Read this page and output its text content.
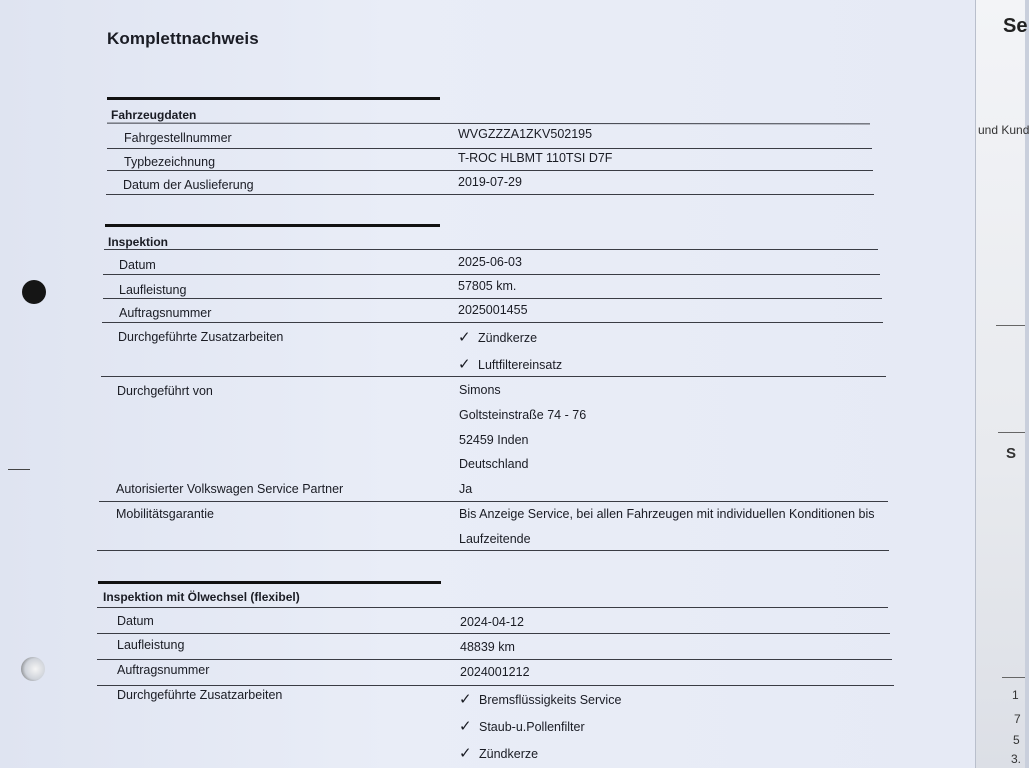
Komplettnachweis
Fahrzeugdaten
Fahrgestellnummer	WVGZZZA1ZKV502195
Typbezeichnung	T-ROC HLBMT 110TSI D7F
Datum der Auslieferung	2019-07-29
Inspektion
Datum	2025-06-03
Laufleistung	57805 km.
Auftragsnummer	2025001455
Durchgeführte Zusatzarbeiten	✓ Zündkerze
✓ Luftfiltereinsatz
Durchgeführt von	Simons
Goltsteinstraße 74 - 76
52459 Inden
Deutschland
Autorisierter Volkswagen Service Partner	Ja
Mobilitätsgarantie	Bis Anzeige Service, bei allen Fahrzeugen mit individuellen Konditionen bis
Laufzeitende
Inspektion mit Ölwechsel (flexibel)
Datum	2024-04-12
Laufleistung	48839 km
Auftragsnummer	2024001212
Durchgeführte Zusatzarbeiten	✓ Bremsflüssigkeits Service
✓ Staub-u.Pollenfilter
✓ Zündkerze
Se
und Kund
S
1
7
5
3.
